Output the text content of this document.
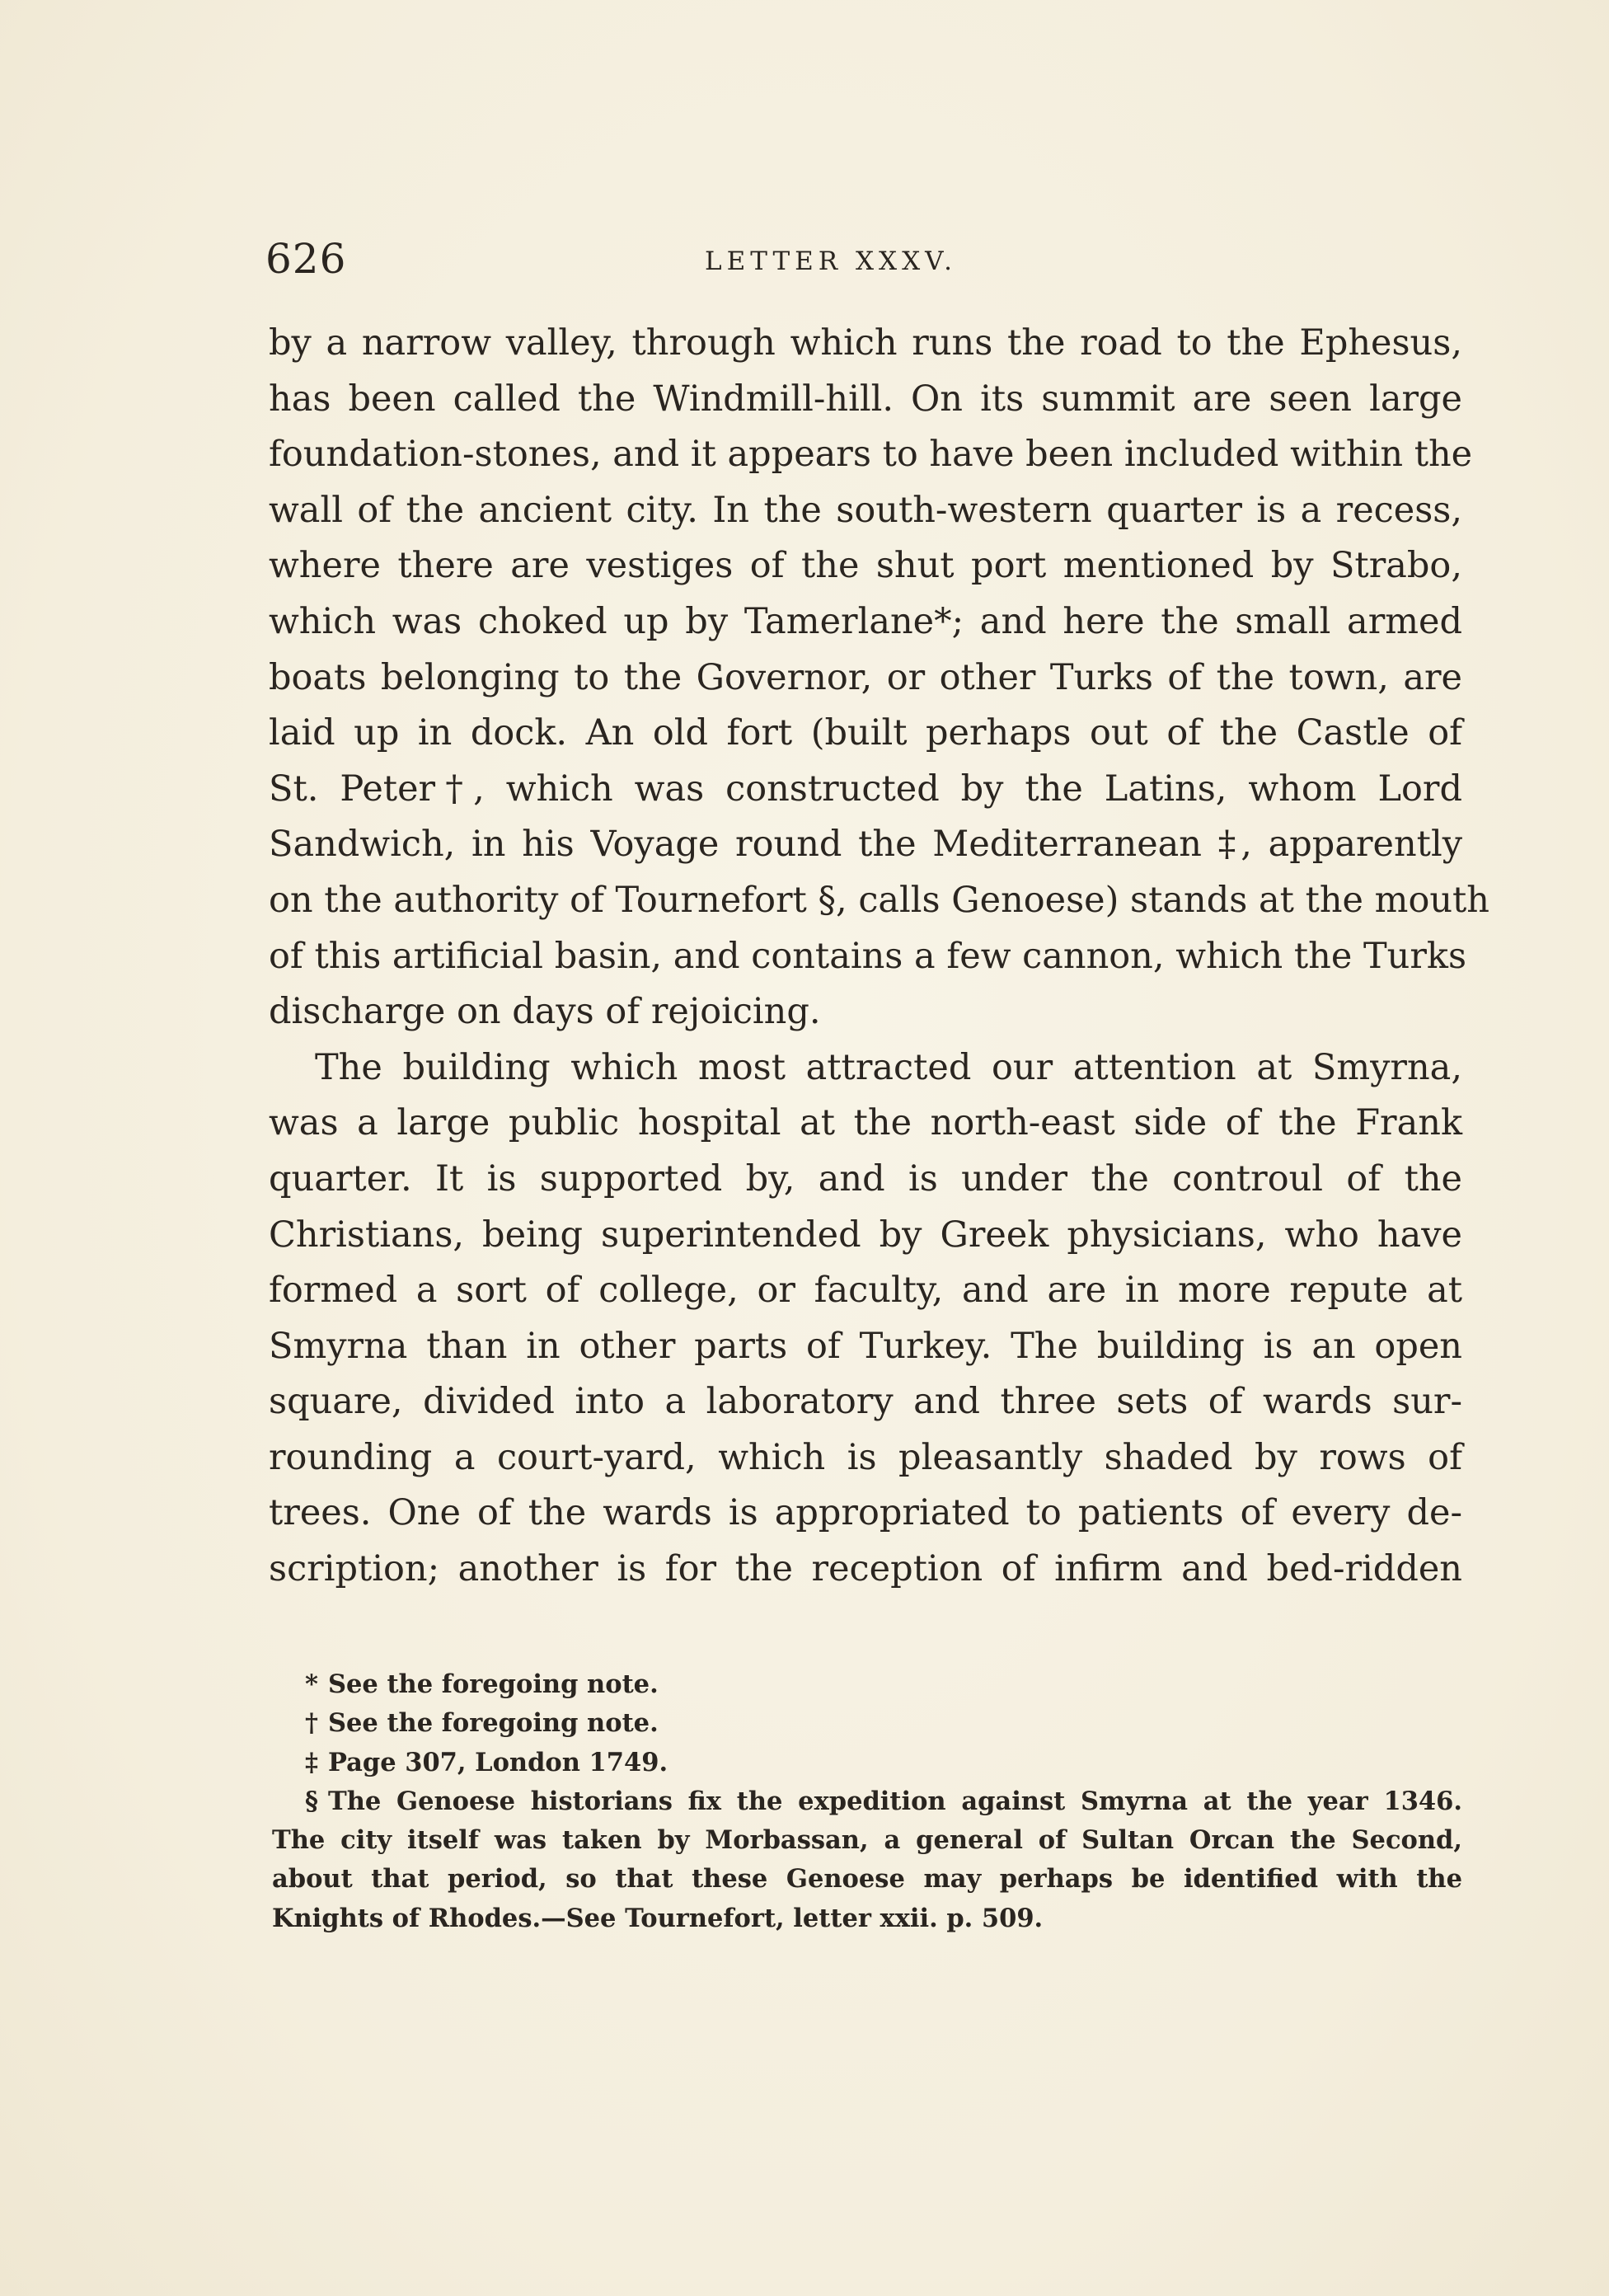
626	LETTER XXXV.
by a narrow valley, through which runs the road to the Ephesus,
has been called the Windmill-hill. On its summit are seen large
foundation-stones, and it appears to have been included within the
wall of the ancient city. In the south-western quarter is a recess,
where there are vestiges of the shut port mentioned by Strabo,
which was choked up by Tamerlane*; and here the small armed
boats belonging to the Governor, or other Turks of the town, are
laid up in dock. An old fort (built perhaps out of the Castle of
St. Peter†, which was constructed by the Latins, whom Lord
Sandwich, in his Voyage round the Mediterranean ‡, apparently
on the authority of Tournefort §, calls Genoese) stands at the mouth
of this artificial basin, and contains a few cannon, which the Turks
discharge on days of rejoicing.
The building which most attracted our attention at Smyrna,
was a large public hospital at the north-east side of the Frank
quarter. It is supported by, and is under the controul of the
Christians, being superintended by Greek physicians, who have
formed a sort of college, or faculty, and are in more repute at
Smyrna than in other parts of Turkey. The building is an open
square, divided into a laboratory and three sets of wards sur-
rounding a court-yard, which is pleasantly shaded by rows of
trees. One of the wards is appropriated to patients of every de-
scription; another is for the reception of infirm and bed-ridden
* See the foregoing note.
† See the foregoing note.
‡ Page 307, London 1749.
§ The Genoese historians fix the expedition against Smyrna at the year 1346.
The city itself was taken by Morbassan, a general of Sultan Orcan the Second,
about that period, so that these Genoese may perhaps be identified with the
Knights of Rhodes.—See Tournefort, letter xxii. p. 509.
